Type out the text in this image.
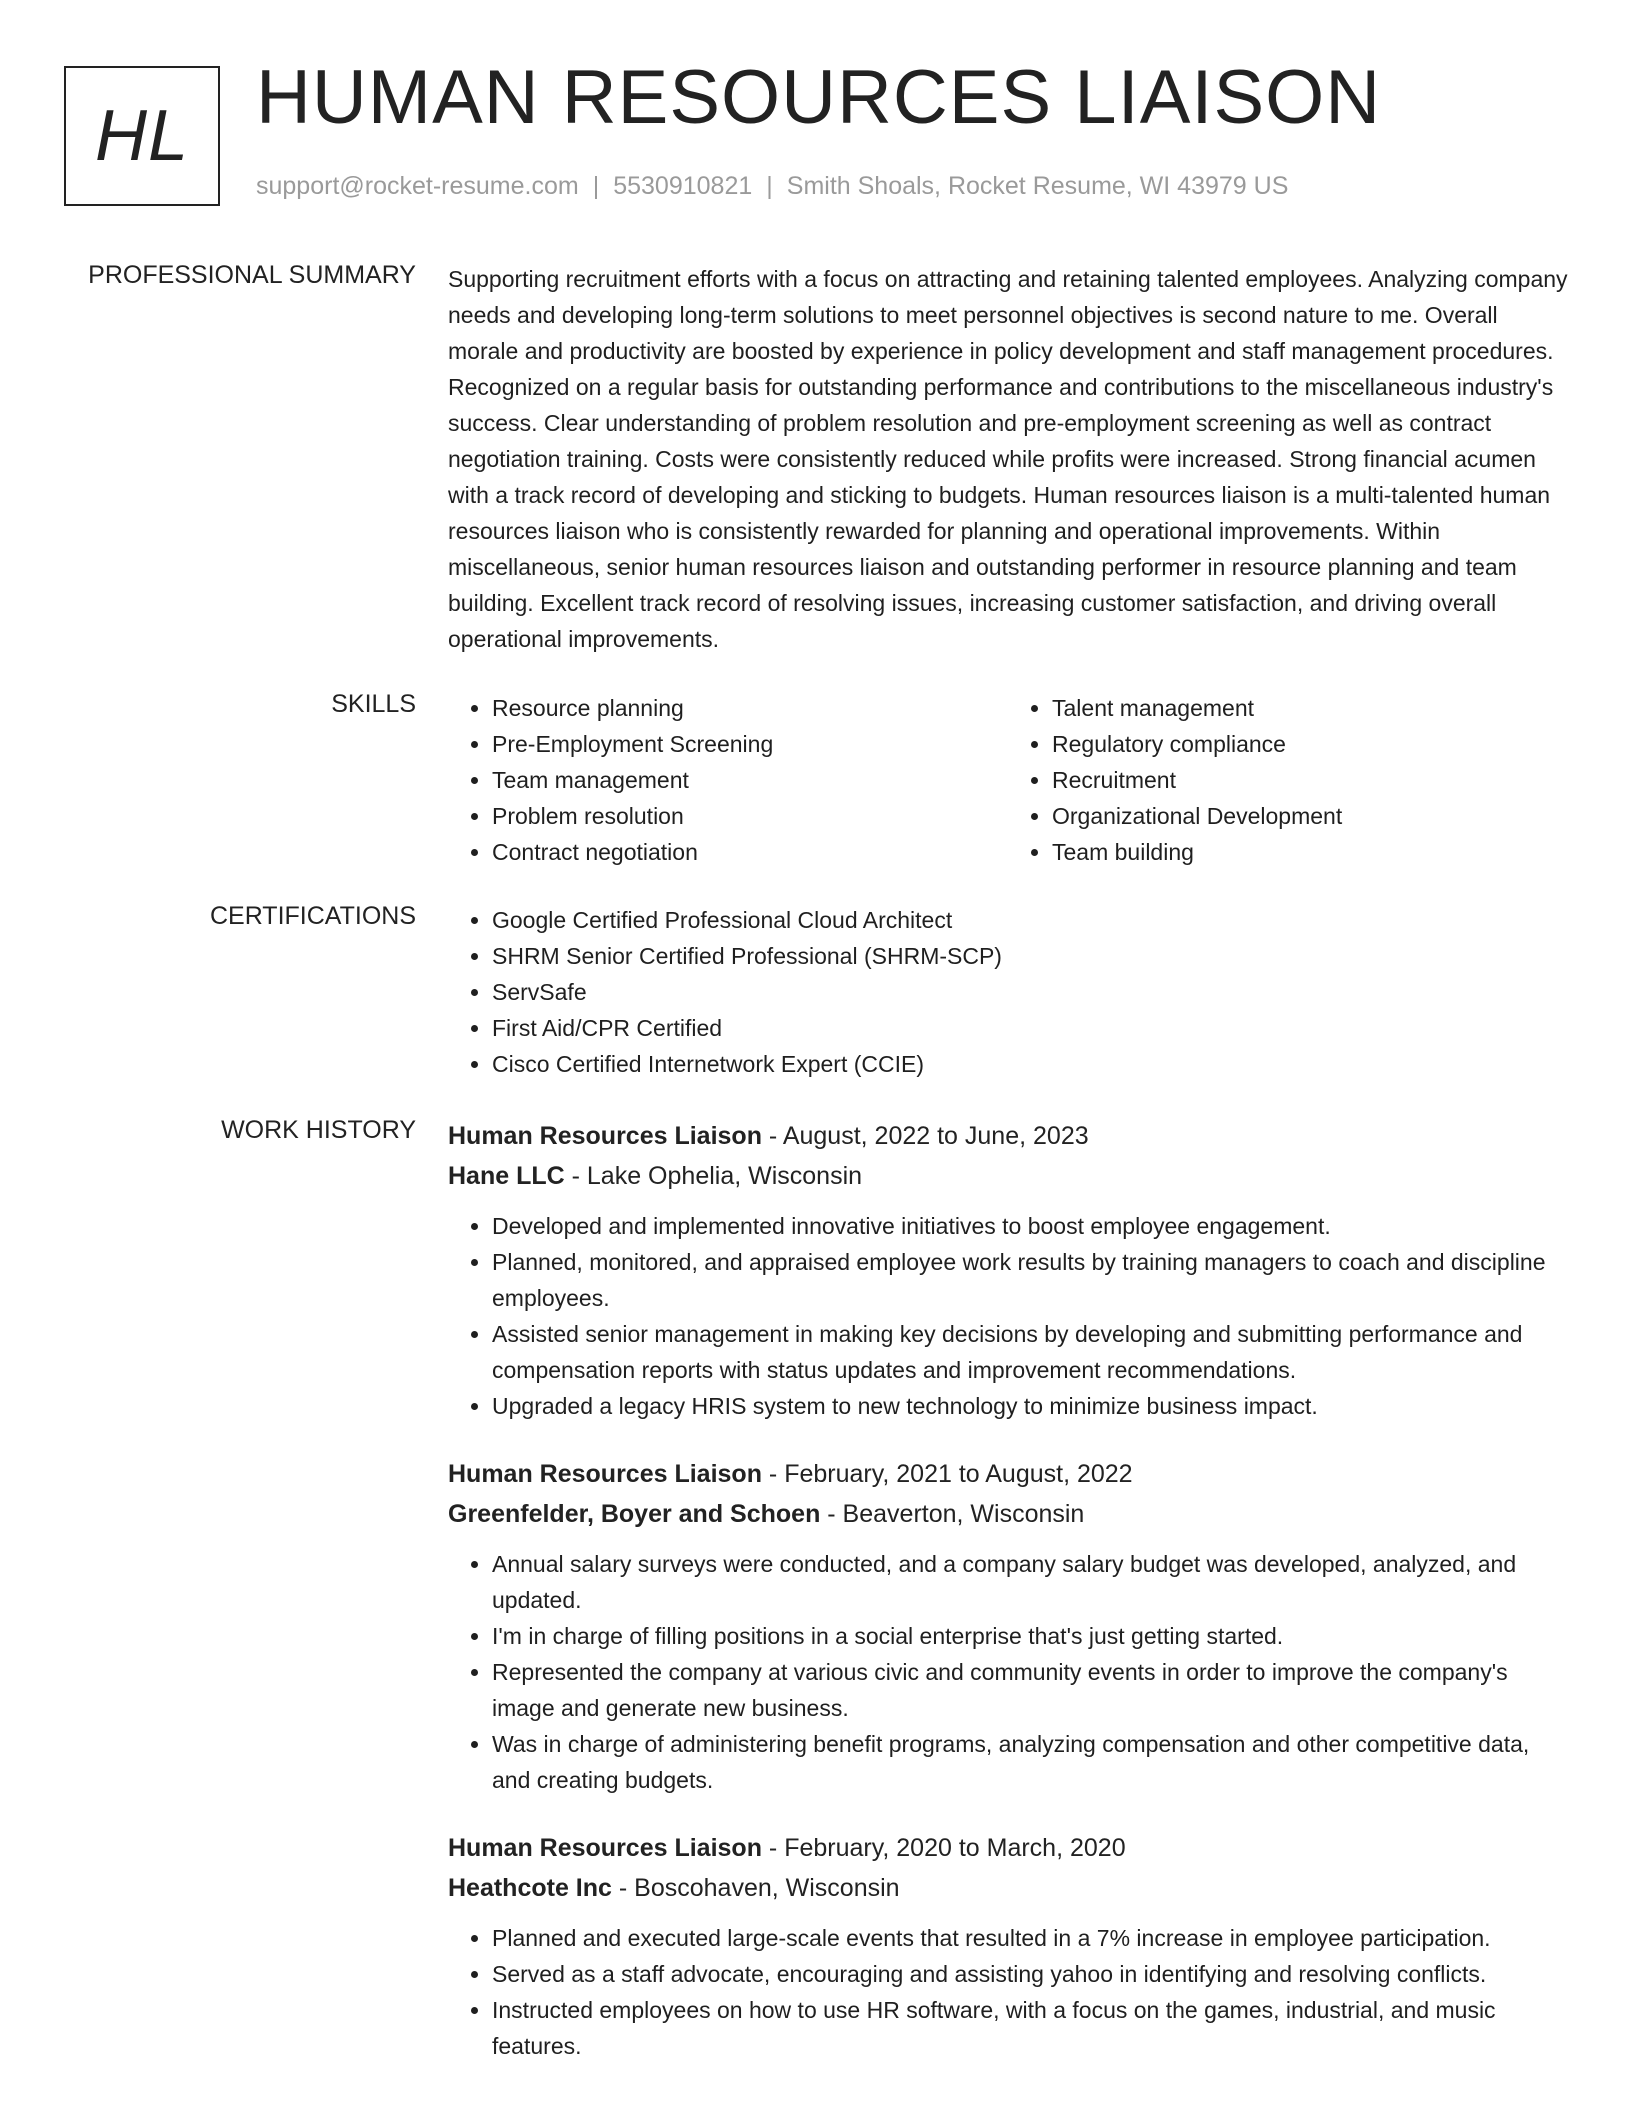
HL HUMAN RESOURCES LIAISON
support@rocket-resume.com | 5530910821 | Smith Shoals, Rocket Resume, WI 43979 US
PROFESSIONAL SUMMARY Supporting recruitment efforts with a focus on attracting and retaining talented employees. Analyzing company needs and developing long-term solutions to meet personnel objectives is second nature to me. Overall morale and productivity are boosted by experience in policy development and staff management procedures. Recognized on a regular basis for outstanding performance and contributions to the miscellaneous industry's success. Clear understanding of problem resolution and pre-employment screening as well as contract negotiation training. Costs were consistently reduced while profits were increased. Strong financial acumen with a track record of developing and sticking to budgets. Human resources liaison is a multi-talented human resources liaison who is consistently rewarded for planning and operational improvements. Within miscellaneous, senior human resources liaison and outstanding performer in resource planning and team building. Excellent track record of resolving issues, increasing customer satisfaction, and driving overall operational improvements.

SKILLS	• Resource planning
• Pre-Employment Screening
• Team management
• Problem resolution
• Contract negotiation
• Talent management
• Regulatory compliance
• Recruitment
• Organizational Development
• Team building
CERTIFICATIONS	• Google Certified Professional Cloud Architect
• SHRM Senior Certified Professional (SHRM-SCP)
• ServSafe
• First Aid/CPR Certified
• Cisco Certified Internetwork Expert (CCIE)
WORK HISTORY Human Resources Liaison - August, 2022 to June, 2023
Hane LLC - Lake Ophelia, Wisconsin
• Developed and implemented innovative initiatives to boost employee engagement.
• Planned, monitored, and appraised employee work results by training managers to coach and discipline employees.
• Assisted senior management in making key decisions by developing and submitting performance and compensation reports with status updates and improvement recommendations.
• Upgraded a legacy HRIS system to new technology to minimize business impact.
Human Resources Liaison - February, 2021 to August, 2022
Greenfelder, Boyer and Schoen - Beaverton, Wisconsin
• Annual salary surveys were conducted, and a company salary budget was developed, analyzed, and updated.
• I'm in charge of filling positions in a social enterprise that's just getting started.
• Represented the company at various civic and community events in order to improve the company's image and generate new business.
• Was in charge of administering benefit programs, analyzing compensation and other competitive data, and creating budgets.
Human Resources Liaison - February, 2020 to March, 2020
Heathcote Inc - Boscohaven, Wisconsin
• Planned and executed large-scale events that resulted in a 7% increase in employee participation.
• Served as a staff advocate, encouraging and assisting yahoo in identifying and resolving conflicts.
• Instructed employees on how to use HR software, with a focus on the games, industrial, and music features.
